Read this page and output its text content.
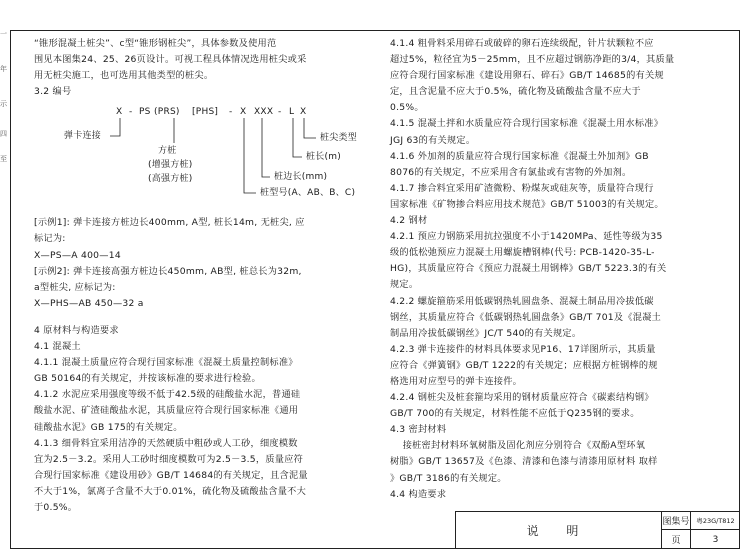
一
年
示
四
至

“锥形混凝土桩尖”、c型“锥形钢桩尖”，具体参数及使用范

围见本图集24、25、26页设计。可视工程具体情况选用桩尖或采

用无桩尖施工，也可选用其他类型的桩尖。

3.2 编号

X - PS (PRS) [PHS] - X XXX - L X
弹卡连接
方桩
(增强方桩)
(高强方桩)
桩尖类型
桩长(m)
桩边长(mm)
桩型号(A、AB、B、C)

[示例1]: 弹卡连接方桩边长400mm, A型, 桩长14m, 无桩尖, 应

标记为:

X—PS—A 400—14

[示例2]: 弹卡连接高强方桩边长450mm, AB型, 桩总长为32m,

a型桩尖, 应标记为:

X—PHS—AB 450—32 a

4 原材料与构造要求

4.1 混凝土

4.1.1 混凝土质量应符合现行国家标准《混凝土质量控制标准》

GB 50164的有关规定，并按该标准的要求进行检验。

4.1.2 水泥应采用强度等级不低于42.5级的硅酸盐水泥，普通硅

酸盐水泥、矿渣硅酸盐水泥，其质量应符合现行国家标准《通用

硅酸盐水泥》GB 175的有关规定。

4.1.3 细骨料宜采用洁净的天然硬质中粗砂或人工砂，细度模数

宜为2.5－3.2。采用人工砂时细度模数可为2.5－3.5，质量应符

合现行国家标准《建设用砂》GB/T 14684的有关规定，且含泥量

不大于1%，氯离子含量不大于0.01%，硫化物及硫酸盐含量不大

于0.5%。

4.1.4 粗骨料采用碎石或破碎的卵石连续级配，针片状颗粒不应

超过5%，粒径宜为5－25mm，且不应超过钢筋净距的3/4，其质量

应符合现行国家标准《建设用卵石、碎石》GB/T 14685的有关规

定，且含泥量不应大于0.5%，硫化物及硫酸盐含量不应大于

0.5%。

4.1.5 混凝土拌和水质量应符合现行国家标准《混凝土用水标准》

JGJ 63的有关规定。

4.1.6 外加剂的质量应符合现行国家标准《混凝土外加剂》GB

8076的有关规定，不应采用含有氯盐或有害物的外加剂。

4.1.7 掺合料宜采用矿渣微粉、粉煤灰或硅灰等，质量符合现行

国家标准《矿物掺合料应用技术规范》GB/T 51003的有关规定。

4.2 钢材

4.2.1 预应力钢筋采用抗拉强度不小于1420MPa、延性等级为35

级的低松弛预应力混凝土用螺旋槽钢棒(代号: PCB-1420-35-L-

HG)，其质量应符合《预应力混凝土用钢棒》GB/T 5223.3的有关

规定。

4.2.2 螺旋箍筋采用低碳钢热轧圆盘条、混凝土制品用冷拔低碳

钢丝，其质量应符合《低碳钢热轧圆盘条》GB/T 701及《混凝土

制品用冷拔低碳钢丝》JC/T 540的有关规定。

4.2.3 弹卡连接件的材料具体要求见P16、17详图所示，其质量

应符合《弹簧钢》GB/T 1222的有关规定；应根据方桩钢棒的规

格选用对应型号的弹卡连接件。

4.2.4 钢桩尖及桩套箍均采用的钢材质量应符合《碳素结构钢》

GB/T 700的有关规定，材料性能不应低于Q235钢的要求。

4.3 密封材料

接桩密封材料环氧树脂及固化剂应分别符合《双酚A型环氧

树脂》GB/T 13657及《色漆、清漆和色漆与清漆用原材料 取样

》GB/T 3186的有关规定。

4.4 构造要求

说 明
图集号	粤23G/T812
页	3
